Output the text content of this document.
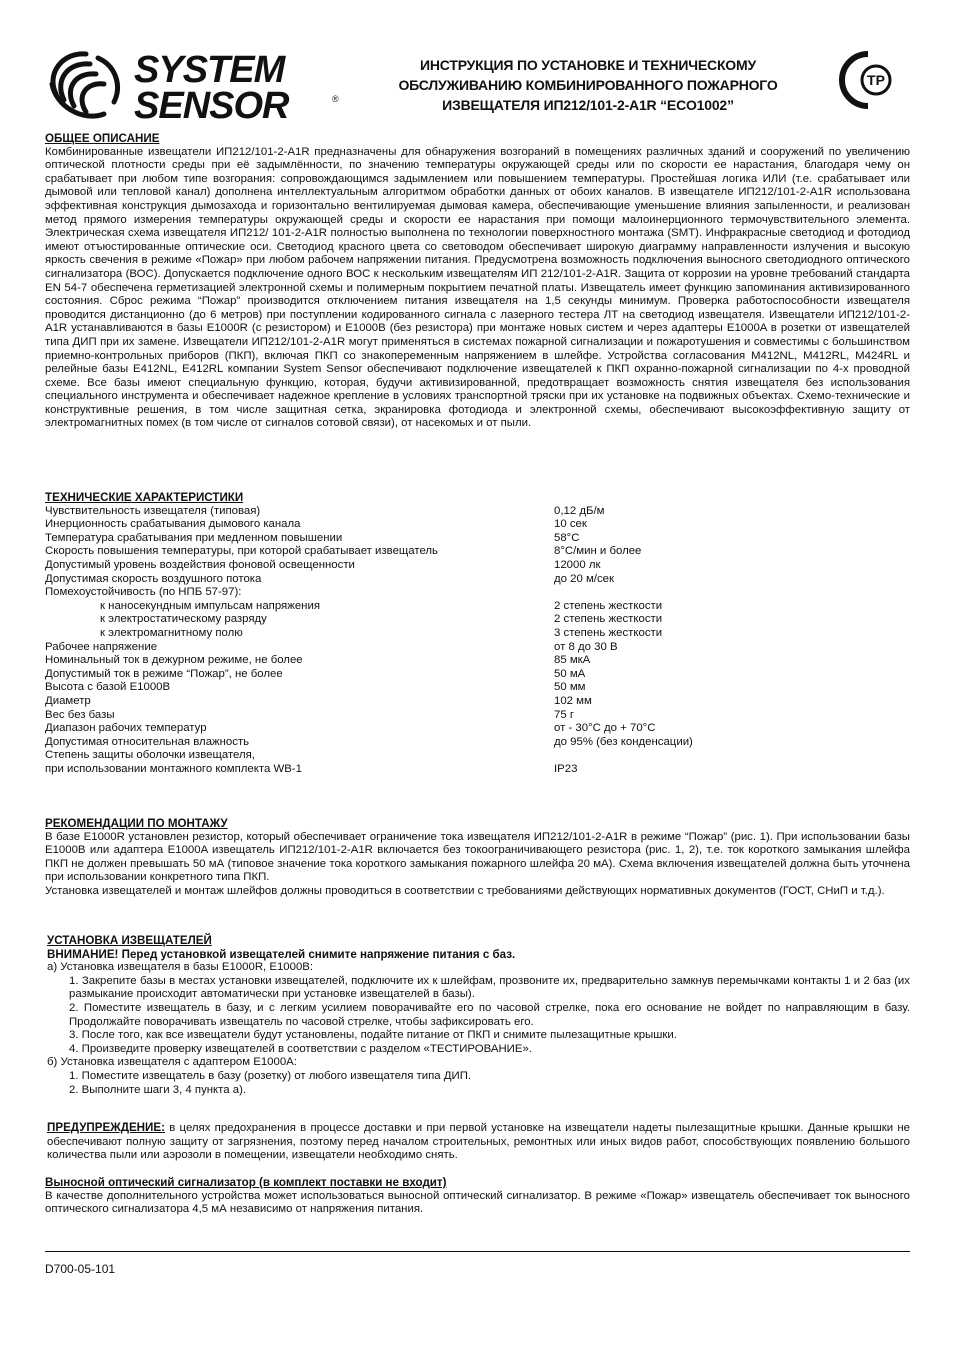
SYSTEM
SENSOR	®
ИНСТРУКЦИЯ ПО УСТАНОВКЕ И ТЕХНИЧЕСКОМУ
ОБСЛУЖИВАНИЮ КОМБИНИРОВАННОГО ПОЖАРНОГО
ИЗВЕЩАТЕЛЯ ИП212/101-2-A1R “ECO1002”
ТР
ОБЩЕЕ ОПИСАНИЕ

Комбинированные извещатели ИП212/101-2-A1R предназначены для обнаружения возгораний в помещениях различных зданий и сооружений по увеличению оптической плотности среды при её задымлённости, по значению температуры окружающей среды или по скорости ее нарастания, благодаря чему он срабатывает при любом типе возгорания: сопровождающимся задымлением или повышением температуры. Простейшая логика ИЛИ (т.е. срабатывает или дымовой или тепловой канал) дополнена интеллектуальным алгоритмом обработки данных от обоих каналов. В извещателе ИП212/101-2-A1R использована эффективная конструкция дымозахода и горизонтально вентилируемая дымовая камера, обеспечивающие уменьшение влияния запыленности, и реализован метод прямого измерения температуры окружающей среды и скорости ее нарастания при помощи малоинерционного термочувствительного элемента. Электрическая схема извещателя ИП212/ 101-2-A1R полностью выполнена по технологии поверхностного монтажа (SMT). Инфракрасные светодиод и фотодиод имеют отъюстированные оптические оси. Светодиод красного цвета со световодом обеспечивает широкую диаграмму направленности излучения и высокую яркость свечения в режиме «Пожар» при любом рабочем напряжении питания. Предусмотрена возможность подключения выносного светодиодного оптического сигнализатора (ВОС). Допускается подключение одного ВОС к нескольким извещателям ИП 212/101-2-A1R. Защита от коррозии на уровне требований стандарта EN 54-7 обеспечена герметизацией электронной схемы и полимерным покрытием печатной платы. Извещатель имеет функцию запоминания активизированного состояния. Сброс режима “Пожар” производится отключением питания извещателя на 1,5 секунды минимум. Проверка работоспособности извещателя проводится дистанционно (до 6 метров) при поступлении кодированного сигнала с лазерного тестера ЛТ на светодиод извещателя. Извещатели ИП212/101-2-A1R устанавливаются в базы E1000R (с резистором) и E1000B (без резистора) при монтаже новых систем и через адаптеры E1000A в розетки от извещателей типа ДИП при их замене. Извещатели ИП212/101-2-A1R могут применяться в системах пожарной сигнализации и пожаротушения и совместимы с большинством приемно-контрольных приборов (ПКП), включая ПКП со знакопеременным напряжением в шлейфе. Устройства согласования M412NL, M412RL, M424RL и релейные базы E412NL, E412RL компании System Sensor обеспечивают подключение извещателей к ПКП охранно-пожарной сигнализации по 4-х проводной схеме. Все базы имеют специальную функцию, которая, будучи активизированной, предотвращает возможность снятия извещателя без использования специального инструмента и обеспечивает надежное крепление в условиях транспортной тряски при их установке на подвижных объектах. Схемо-технические и конструктивные решения, в том числе защитная сетка, экранировка фотодиода и электронной схемы, обеспечивают высокоэффективную защиту от электромагнитных помех (в том числе от сигналов сотовой связи), от насекомых и от пыли.

ТЕХНИЧЕСКИЕ ХАРАКТЕРИСТИКИ
Чувствительность извещателя (типовая)	0,12 дБ/м
Инерционность срабатывания дымового канала	10 сек
Температура срабатывания при медленном повышении	58°С
Скорость повышения температуры, при которой срабатывает извещатель	8°С/мин и более
Допустимый уровень воздействия фоновой освещенности	12000 лк
Допустимая скорость воздушного потока	до 20 м/сек
Помехоустойчивость (по НПБ 57-97):
к наносекундным импульсам напряжения	2 степень жесткости
к электростатическому разряду	2 степень жесткости
к электромагнитному полю	3 степень жесткости
Рабочее напряжение	от 8 до 30 В
Номинальный ток в дежурном режиме, не более	85 мкА
Допустимый ток в режиме “Пожар”, не более	50 мА
Высота с базой E1000B	50 мм
Диаметр	102 мм
Вес без базы	75 г
Диапазон рабочих температур	от - 30°С до + 70°С
Допустимая относительная влажность	до 95% (без конденсации)
Степень защиты оболочки извещателя,
при использовании монтажного комплекта WB-1	IP23
РЕКОМЕНДАЦИИ ПО МОНТАЖУ

В базе E1000R установлен резистор, который обеспечивает ограничение тока извещателя ИП212/101-2-A1R в режиме “Пожар” (рис. 1). При использовании базы E1000B или адаптера E1000A извещатель ИП212/101-2-A1R включается без токоограничивающего резистора (рис. 1, 2), т.е. ток короткого замыкания шлейфа ПКП не должен превышать 50 мА (типовое значение тока короткого замыкания пожарного шлейфа 20 мА). Схема включения извещателей должна быть уточнена при использовании конкретного типа ПКП.

Установка извещателей и монтаж шлейфов должны проводиться в соответствии с требованиями действующих нормативных документов (ГОСТ, СНиП и т.д.).

УСТАНОВКА ИЗВЕЩАТЕЛЕЙ
ВНИМАНИЕ! Перед установкой извещателей снимите напряжение питания с баз.

а) Установка извещателя в базы E1000R, E1000B:

1. Закрепите базы в местах установки извещателей, подключите их к шлейфам, прозвоните их, предварительно замкнув перемычками контакты 1 и 2 баз (их размыкание происходит автоматически при установке извещателей в базы).

2. Поместите извещатель в базу, и с легким усилием поворачивайте его по часовой стрелке, пока его основание не войдет по направляющим в базу. Продолжайте поворачивать извещатель по часовой стрелке, чтобы зафиксировать его.

3. После того, как все извещатели будут установлены, подайте питание от ПКП и снимите пылезащитные крышки.

4. Произведите проверку извещателей в соответствии с разделом «ТЕСТИРОВАНИЕ».

б) Установка извещателя с адаптером E1000A:

1. Поместите извещатель в базу (розетку) от любого извещателя типа ДИП.

2. Выполните шаги 3, 4 пункта а).

ПРЕДУПРЕЖДЕНИЕ: в целях предохранения в процессе доставки и при первой установке на извещатели надеты пылезащитные крышки. Данные крышки не обеспечивают полную защиту от загрязнения, поэтому перед началом строительных, ремонтных или иных видов работ, способствующих появлению большого количества пыли или аэрозоли в помещении, извещатели необходимо снять.

Выносной оптический сигнализатор (в комплект поставки не входит)

В качестве дополнительного устройства может использоваться выносной оптический сигнализатор. В режиме «Пожар» извещатель обеспечивает ток выносного оптического сигнализатора 4,5 мА независимо от напряжения питания.

D700-05-101
